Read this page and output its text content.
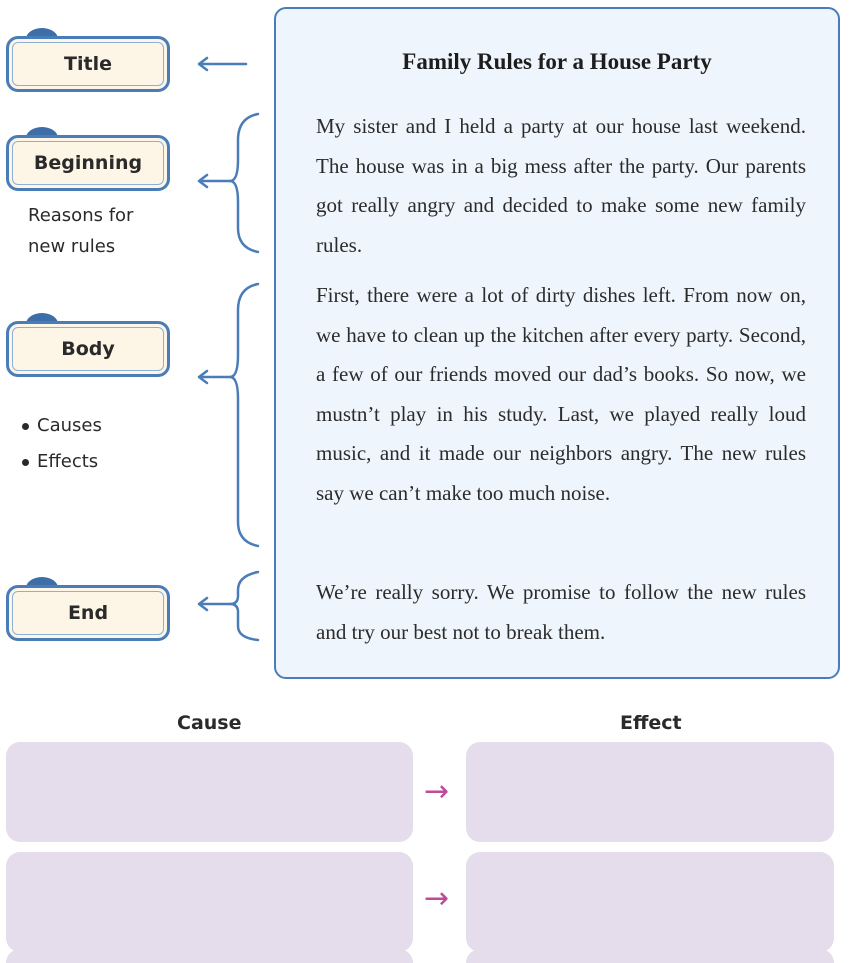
Title
Beginning
Reasons for
new rules
Body
Causes
Effects
End
Family Rules for a House Party
My sister and I held a party at our house last weekend. The house was in a big mess after the party. Our parents got really angry and decided to make some new family rules.
First, there were a lot of dirty dishes left. From now on, we have to clean up the kitchen after every party. Second, a few of our friends moved our dad’s books. So now, we mustn’t play in his study. Last, we played really loud music, and it made our neighbors angry. The new rules say we can’t make too much noise.
We’re really sorry. We promise to follow the new rules and try our best not to break them.
Cause	Effect
→
→
